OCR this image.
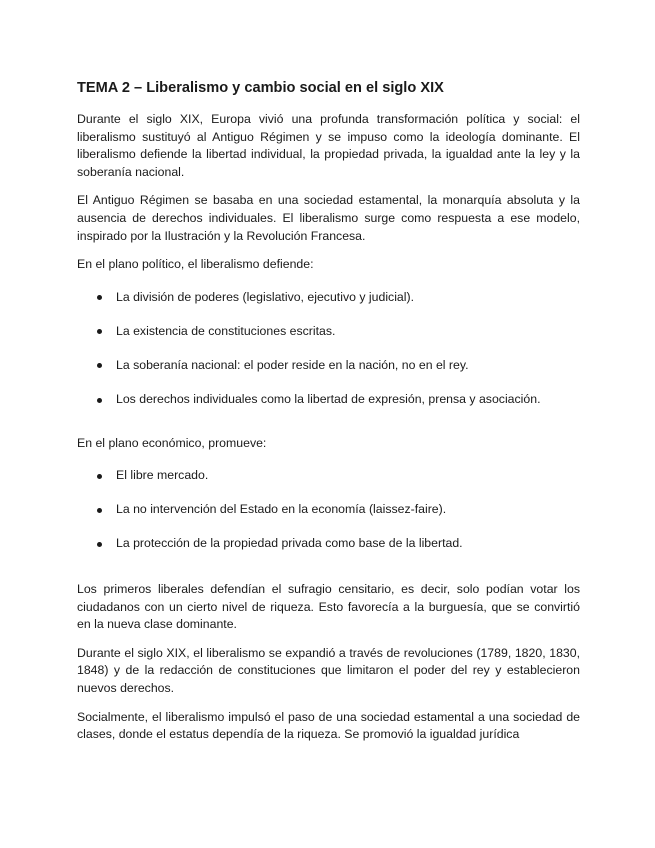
TEMA 2 – Liberalismo y cambio social en el siglo XIX

Durante el siglo XIX, Europa vivió una profunda transformación política y social: el liberalismo sustituyó al Antiguo Régimen y se impuso como la ideología dominante. El liberalismo defiende la libertad individual, la propiedad privada, la igualdad ante la ley y la soberanía nacional.

El Antiguo Régimen se basaba en una sociedad estamental, la monarquía absoluta y la ausencia de derechos individuales. El liberalismo surge como respuesta a ese modelo, inspirado por la Ilustración y la Revolución Francesa.

En el plano político, el liberalismo defiende:

La división de poderes (legislativo, ejecutivo y judicial).
La existencia de constituciones escritas.
La soberanía nacional: el poder reside en la nación, no en el rey.
Los derechos individuales como la libertad de expresión, prensa y asociación.

En el plano económico, promueve:

El libre mercado.
La no intervención del Estado en la economía (laissez-faire).
La protección de la propiedad privada como base de la libertad.

Los primeros liberales defendían el sufragio censitario, es decir, solo podían votar los ciudadanos con un cierto nivel de riqueza. Esto favorecía a la burguesía, que se convirtió en la nueva clase dominante.

Durante el siglo XIX, el liberalismo se expandió a través de revoluciones (1789, 1820, 1830, 1848) y de la redacción de constituciones que limitaron el poder del rey y establecieron nuevos derechos.

Socialmente, el liberalismo impulsó el paso de una sociedad estamental a una sociedad de clases, donde el estatus dependía de la riqueza. Se promovió la igualdad jurídica
